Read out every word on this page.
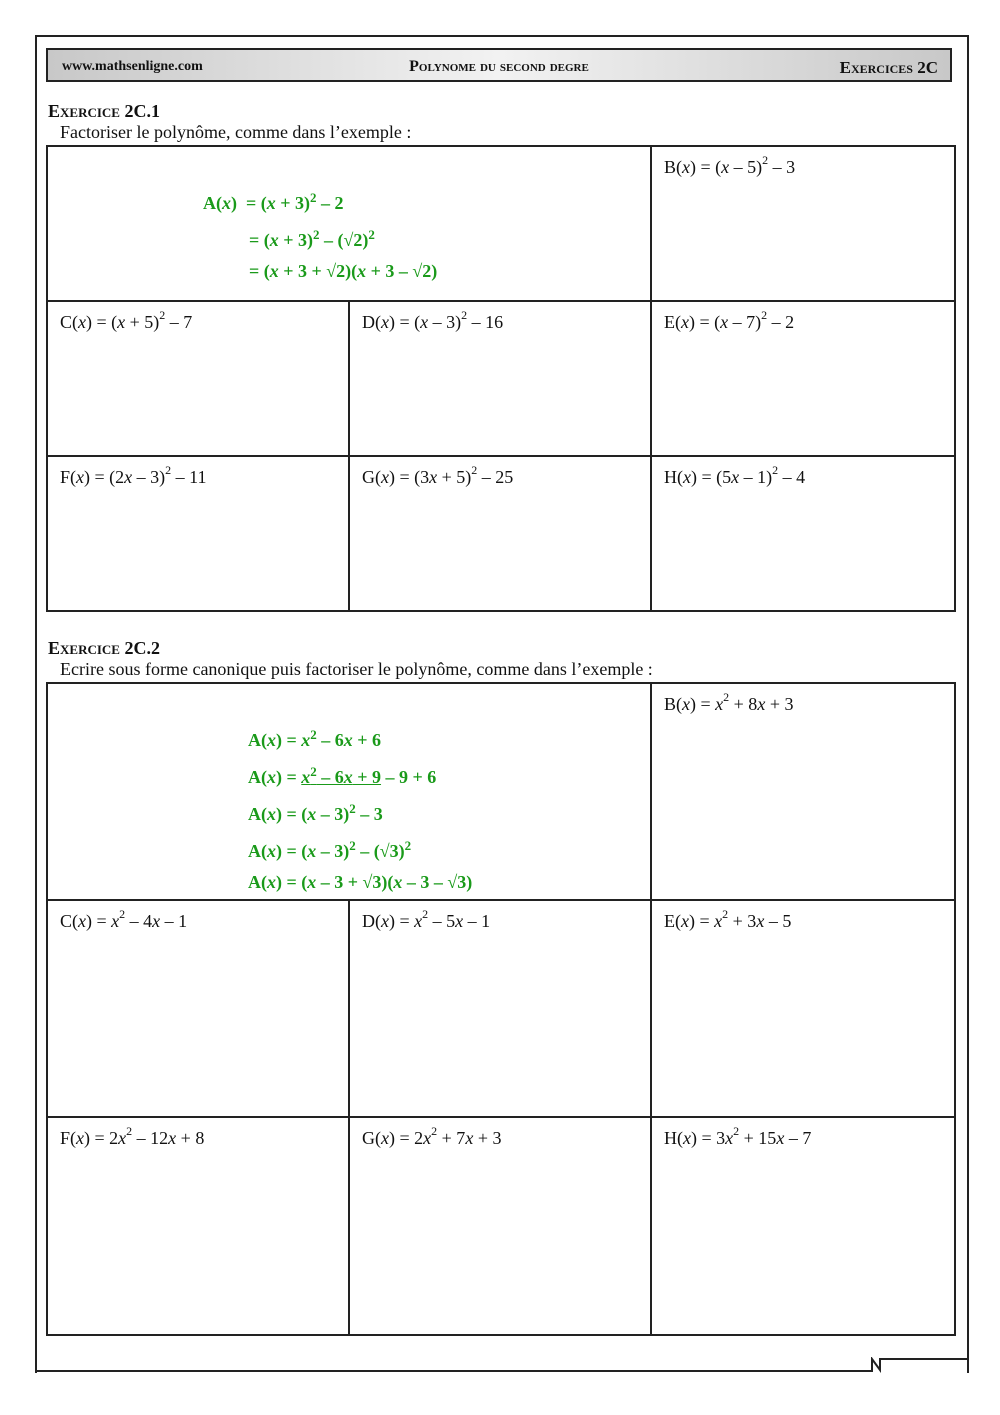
www.mathsenligne.com	Polynome du second degre	Exercices 2C
Exercice 2C.1
Factoriser le polynôme, comme dans l’exemple :
$A(x) = (x + 3)^2 - 2$
= $(x + 3)^2 - (√2)^2$
= (x + 3 + √2)(x + 3 – √2)		B(x) = (x – 5)$^2$ – 3
$C(x) = (x + 5)^2 - 7$	D(x) = (x – 3)$^2$ – 16	E(x) = (x – 7)$^2$ – 2
F(x) = (2x – 3)$^2$ – 11	$G(x) = (3x + 5)^2 - 25$	H(x) = (5x – 1)$^2$ – 4
Exercice 2C.2
Ecrire sous forme canonique puis factoriser le polynôme, comme dans l’exemple :
$A(x) = x^2 - 6x + 6$
$A(x) = x^2 - 6x + 9 - 9 + 6$
A(x) = (x – 3)$^2$ – 3
$A(x) = (x - 3)^2 - (√3)^2$
A(x) = (x – 3 + √3)(x – 3 – √3)		$B(x) = x^2 + 8x + 3$
$C(x) = x^2 - 4x - 1$	$D(x) = x^2 - 5x - 1$	$E(x) = x^2 + 3x - 5$
$F(x) = 2x^2 - 12x + 8$	$G(x) = 2x^2 + 7x + 3$	$H(x) = 3x^2 + 15x - 7$
